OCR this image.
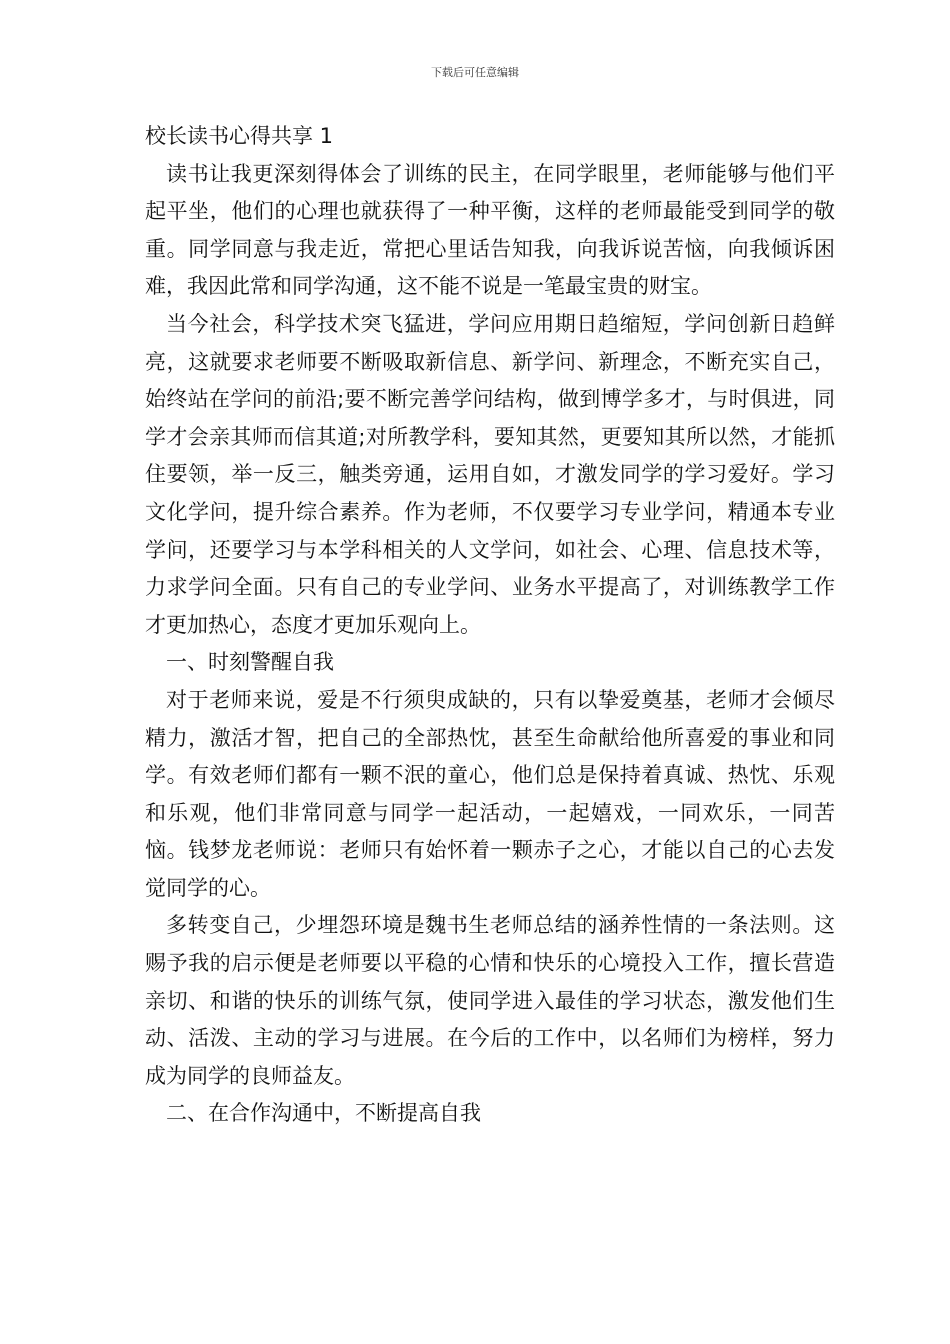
下载后可任意编辑

校长读书心得共享 1

读书让我更深刻得体会了训练的民主，在同学眼里，老师能够与他们平起平坐，他们的心理也就获得了一种平衡，这样的老师最能受到同学的敬重。同学同意与我走近，常把心里话告知我，向我诉说苦恼，向我倾诉困难，我因此常和同学沟通，这不能不说是一笔最宝贵的财宝。

当今社会，科学技术突飞猛进，学问应用期日趋缩短，学问创新日趋鲜亮，这就要求老师要不断吸取新信息、新学问、新理念，不断充实自己，始终站在学问的前沿;要不断完善学问结构，做到博学多才，与时俱进，同学才会亲其师而信其道;对所教学科，要知其然，更要知其所以然，才能抓住要领，举一反三，触类旁通，运用自如，才激发同学的学习爱好。学习文化学问，提升综合素养。作为老师，不仅要学习专业学问，精通本专业学问，还要学习与本学科相关的人文学问，如社会、心理、信息技术等，力求学问全面。只有自己的专业学问、业务水平提高了，对训练教学工作才更加热心，态度才更加乐观向上。

一、时刻警醒自我

对于老师来说，爱是不行须臾成缺的，只有以挚爱奠基，老师才会倾尽精力，激活才智，把自己的全部热忱，甚至生命献给他所喜爱的事业和同学。有效老师们都有一颗不泯的童心，他们总是保持着真诚、热忱、乐观和乐观，他们非常同意与同学一起活动，一起嬉戏，一同欢乐，一同苦恼。钱梦龙老师说：老师只有始怀着一颗赤子之心，才能以自己的心去发觉同学的心。

多转变自己，少埋怨环境是魏书生老师总结的涵养性情的一条法则。这赐予我的启示便是老师要以平稳的心情和快乐的心境投入工作，擅长营造亲切、和谐的快乐的训练气氛，使同学进入最佳的学习状态，激发他们生动、活泼、主动的学习与进展。在今后的工作中，以名师们为榜样，努力成为同学的良师益友。

二、在合作沟通中，不断提高自我
